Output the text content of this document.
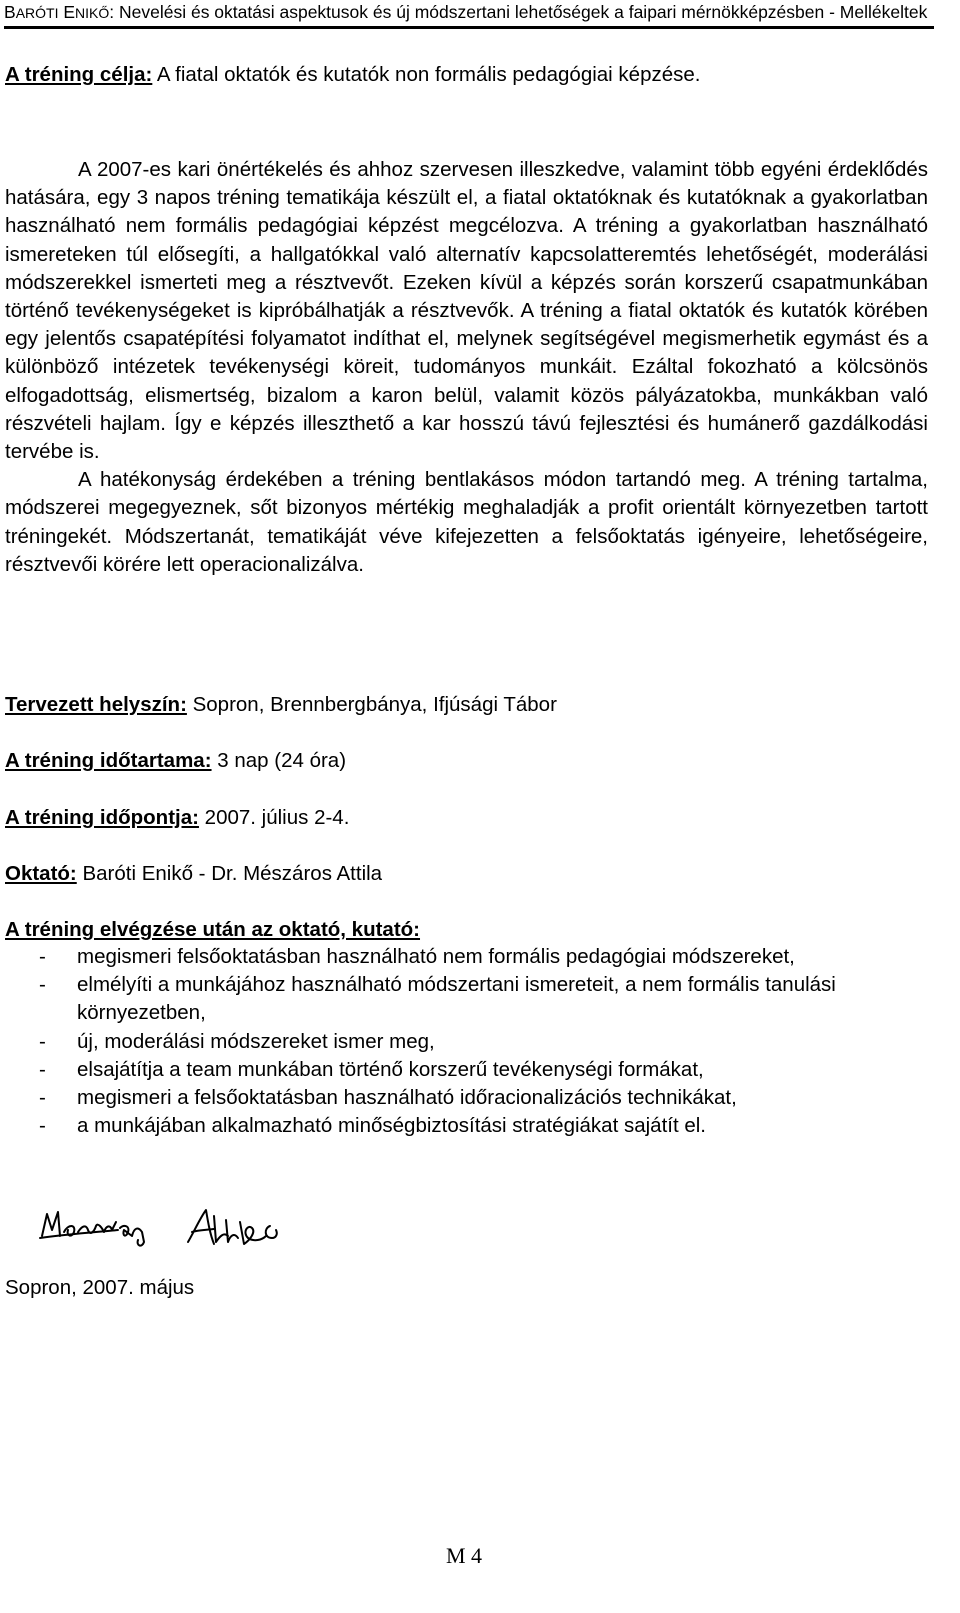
BARÓTI ENIKŐ: Nevelési és oktatási aspektusok és új módszertani lehetőségek a faipari mérnökképzésben - Mellékeltek
A tréning célja: A fiatal oktatók és kutatók non formális pedagógiai képzése.

A 2007-es kari önértékelés és ahhoz szervesen illeszkedve, valamint több egyéni érdeklődés hatására, egy 3 napos tréning tematikája készült el, a fiatal oktatóknak és kutatóknak a gyakorlatban használható nem formális pedagógiai képzést megcélozva. A tréning a gyakorlatban használható ismereteken túl elősegíti, a hallgatókkal való alternatív kapcsolatteremtés lehetőségét, moderálási módszerekkel ismerteti meg a résztvevőt. Ezeken kívül a képzés során korszerű csapatmunkában történő tevékenységeket is kipróbálhatják a résztvevők. A tréning a fiatal oktatók és kutatók körében egy jelentős csapatépítési folyamatot indíthat el, melynek segítségével megismerhetik egymást és a különböző intézetek tevékenységi köreit, tudományos munkáit. Ezáltal fokozható a kölcsönös elfogadottság, elismertség, bizalom a karon belül, valamit közös pályázatokba, munkákban való részvételi hajlam. Így e képzés illeszthető a kar hosszú távú fejlesztési és humánerő gazdálkodási tervébe is.

A hatékonyság érdekében a tréning bentlakásos módon tartandó meg. A tréning tartalma, módszerei megegyeznek, sőt bizonyos mértékig meghaladják a profit orientált környezetben tartott tréningekét. Módszertanát, tematikáját véve kifejezetten a felsőoktatás igényeire, lehetőségeire, résztvevői körére lett operacionalizálva.

Tervezett helyszín: Sopron, Brennbergbánya, Ifjúsági Tábor
A tréning időtartama: 3 nap (24 óra)
A tréning időpontja: 2007. július 2-4.
Oktató: Baróti Enikő - Dr. Mészáros Attila
A tréning elvégzése után az oktató, kutató:
- megismeri felsőoktatásban használható nem formális pedagógiai módszereket,
- elmélyíti a munkájához használható módszertani ismereteit, a nem formális tanulási környezetben,
- új, moderálási módszereket ismer meg,
- elsajátítja a team munkában történő korszerű tevékenységi formákat,
- megismeri a felsőoktatásban használható időracionalizációs technikákat,
- a munkájában alkalmazható minőségbiztosítási stratégiákat sajátít el.
Sopron, 2007. május
M 4
